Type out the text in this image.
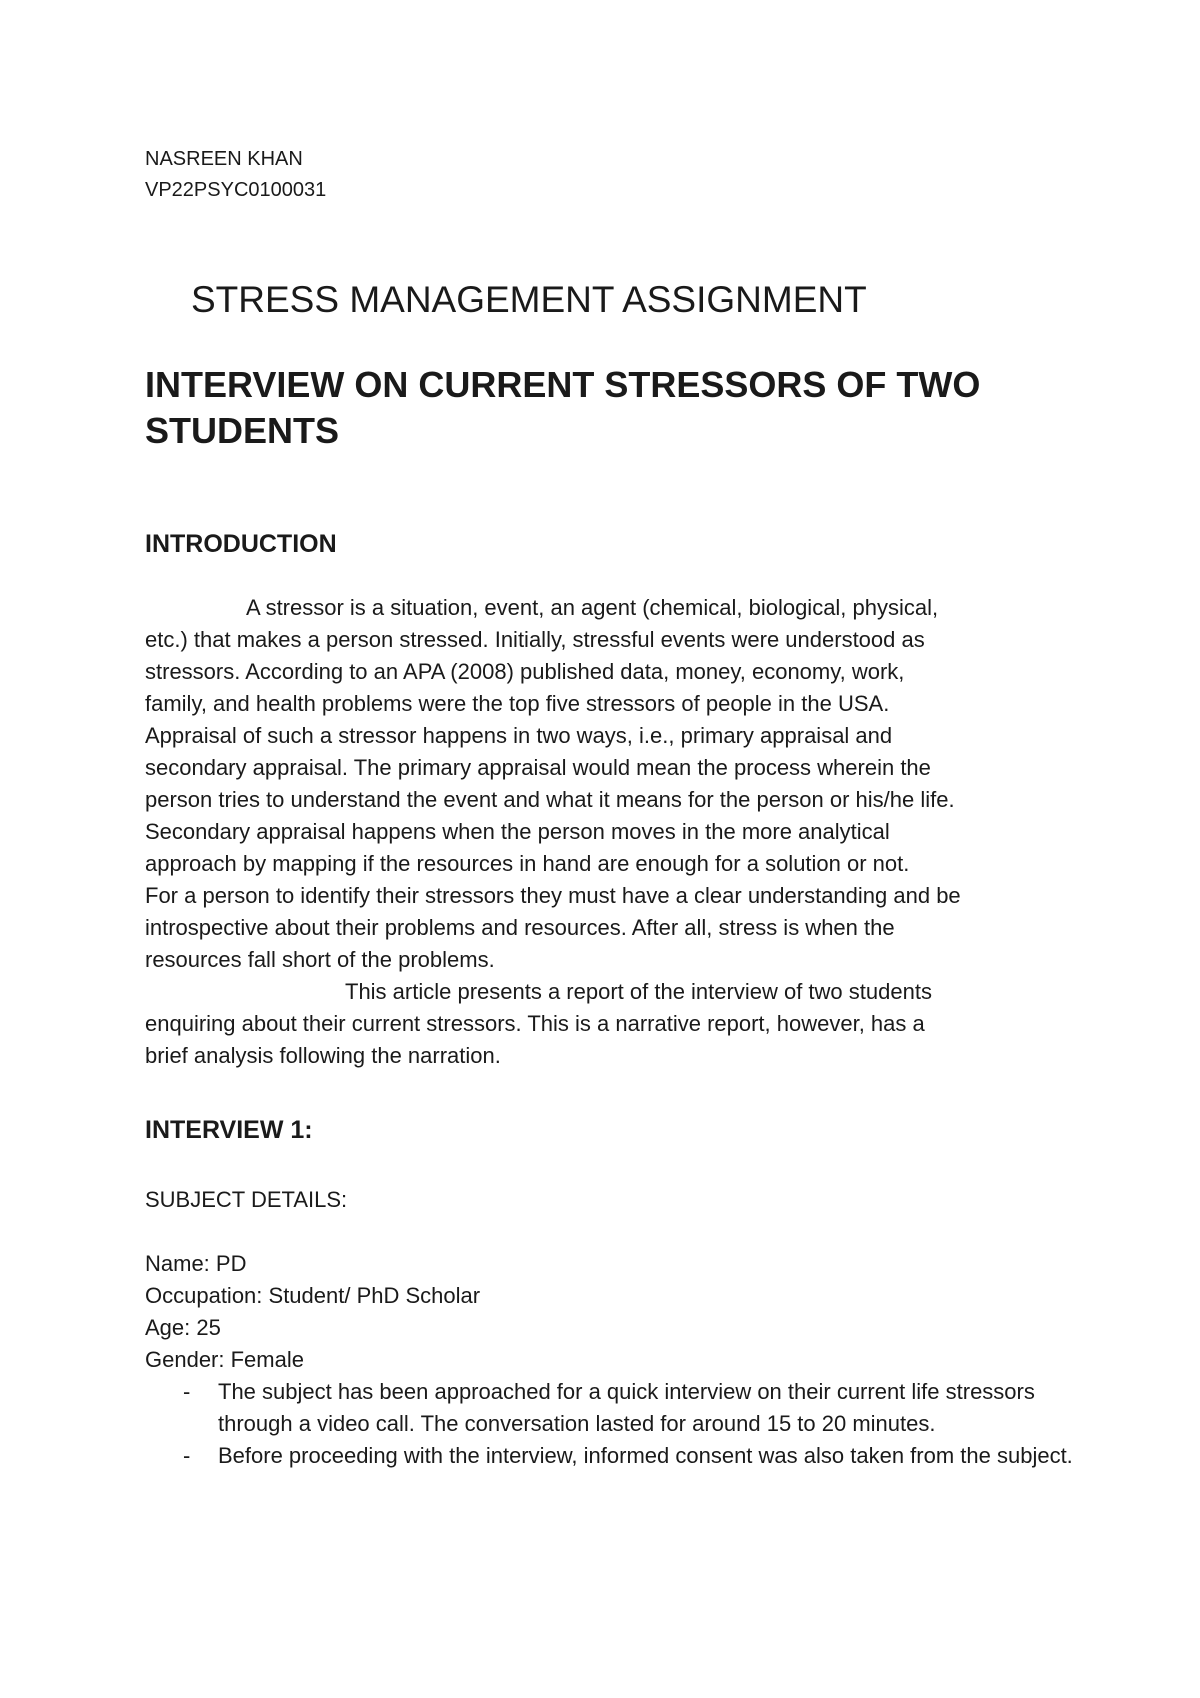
NASREEN KHAN
VP22PSYC0100031
STRESS MANAGEMENT ASSIGNMENT
INTERVIEW ON CURRENT STRESSORS OF TWO STUDENTS
INTRODUCTION
A stressor is a situation, event, an agent (chemical, biological, physical,
etc.) that makes a person stressed. Initially, stressful events were understood as
stressors. According to an APA (2008) published data, money, economy, work,
family, and health problems were the top five stressors of people in the USA.
Appraisal of such a stressor happens in two ways, i.e., primary appraisal and
secondary appraisal. The primary appraisal would mean the process wherein the
person tries to understand the event and what it means for the person or his/he life.
Secondary appraisal happens when the person moves in the more analytical
approach by mapping if the resources in hand are enough for a solution or not.
For a person to identify their stressors they must have a clear understanding and be
introspective about their problems and resources. After all, stress is when the
resources fall short of the problems.
This article presents a report of the interview of two students
enquiring about their current stressors. This is a narrative report, however, has a
brief analysis following the narration.
INTERVIEW 1:
SUBJECT DETAILS:
Name: PD
Occupation: Student/ PhD Scholar
Age: 25
Gender: Female
- The subject has been approached for a quick interview on their current life stressors through a video call. The conversation lasted for around 15 to 20 minutes.
- Before proceeding with the interview, informed consent was also taken from the subject.
